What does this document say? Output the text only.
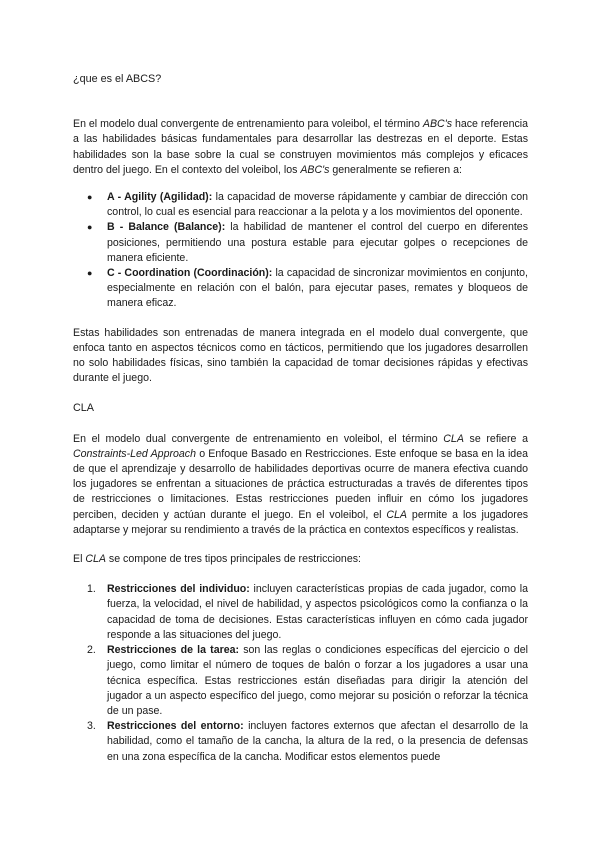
¿que es el ABCS?

En el modelo dual convergente de entrenamiento para voleibol, el término ABC's hace referencia a las habilidades básicas fundamentales para desarrollar las destrezas en el deporte. Estas habilidades son la base sobre la cual se construyen movimientos más complejos y eficaces dentro del juego. En el contexto del voleibol, los ABC's generalmente se refieren a:

● A - Agility (Agilidad): la capacidad de moverse rápidamente y cambiar de dirección con control, lo cual es esencial para reaccionar a la pelota y a los movimientos del oponente.
● B - Balance (Balance): la habilidad de mantener el control del cuerpo en diferentes posiciones, permitiendo una postura estable para ejecutar golpes o recepciones de manera eficiente.
● C - Coordination (Coordinación): la capacidad de sincronizar movimientos en conjunto, especialmente en relación con el balón, para ejecutar pases, remates y bloqueos de manera eficaz.

Estas habilidades son entrenadas de manera integrada en el modelo dual convergente, que enfoca tanto en aspectos técnicos como en tácticos, permitiendo que los jugadores desarrollen no solo habilidades físicas, sino también la capacidad de tomar decisiones rápidas y efectivas durante el juego.

CLA

En el modelo dual convergente de entrenamiento en voleibol, el término CLA se refiere a Constraints-Led Approach o Enfoque Basado en Restricciones. Este enfoque se basa en la idea de que el aprendizaje y desarrollo de habilidades deportivas ocurre de manera efectiva cuando los jugadores se enfrentan a situaciones de práctica estructuradas a través de diferentes tipos de restricciones o limitaciones. Estas restricciones pueden influir en cómo los jugadores perciben, deciden y actúan durante el juego. En el voleibol, el CLA permite a los jugadores adaptarse y mejorar su rendimiento a través de la práctica en contextos específicos y realistas.

El CLA se compone de tres tipos principales de restricciones:

1. Restricciones del individuo: incluyen características propias de cada jugador, como la fuerza, la velocidad, el nivel de habilidad, y aspectos psicológicos como la confianza o la capacidad de toma de decisiones. Estas características influyen en cómo cada jugador responde a las situaciones del juego.
2. Restricciones de la tarea: son las reglas o condiciones específicas del ejercicio o del juego, como limitar el número de toques de balón o forzar a los jugadores a usar una técnica específica. Estas restricciones están diseñadas para dirigir la atención del jugador a un aspecto específico del juego, como mejorar su posición o reforzar la técnica de un pase.
3. Restricciones del entorno: incluyen factores externos que afectan el desarrollo de la habilidad, como el tamaño de la cancha, la altura de la red, o la presencia de defensas en una zona específica de la cancha. Modificar estos elementos puede
